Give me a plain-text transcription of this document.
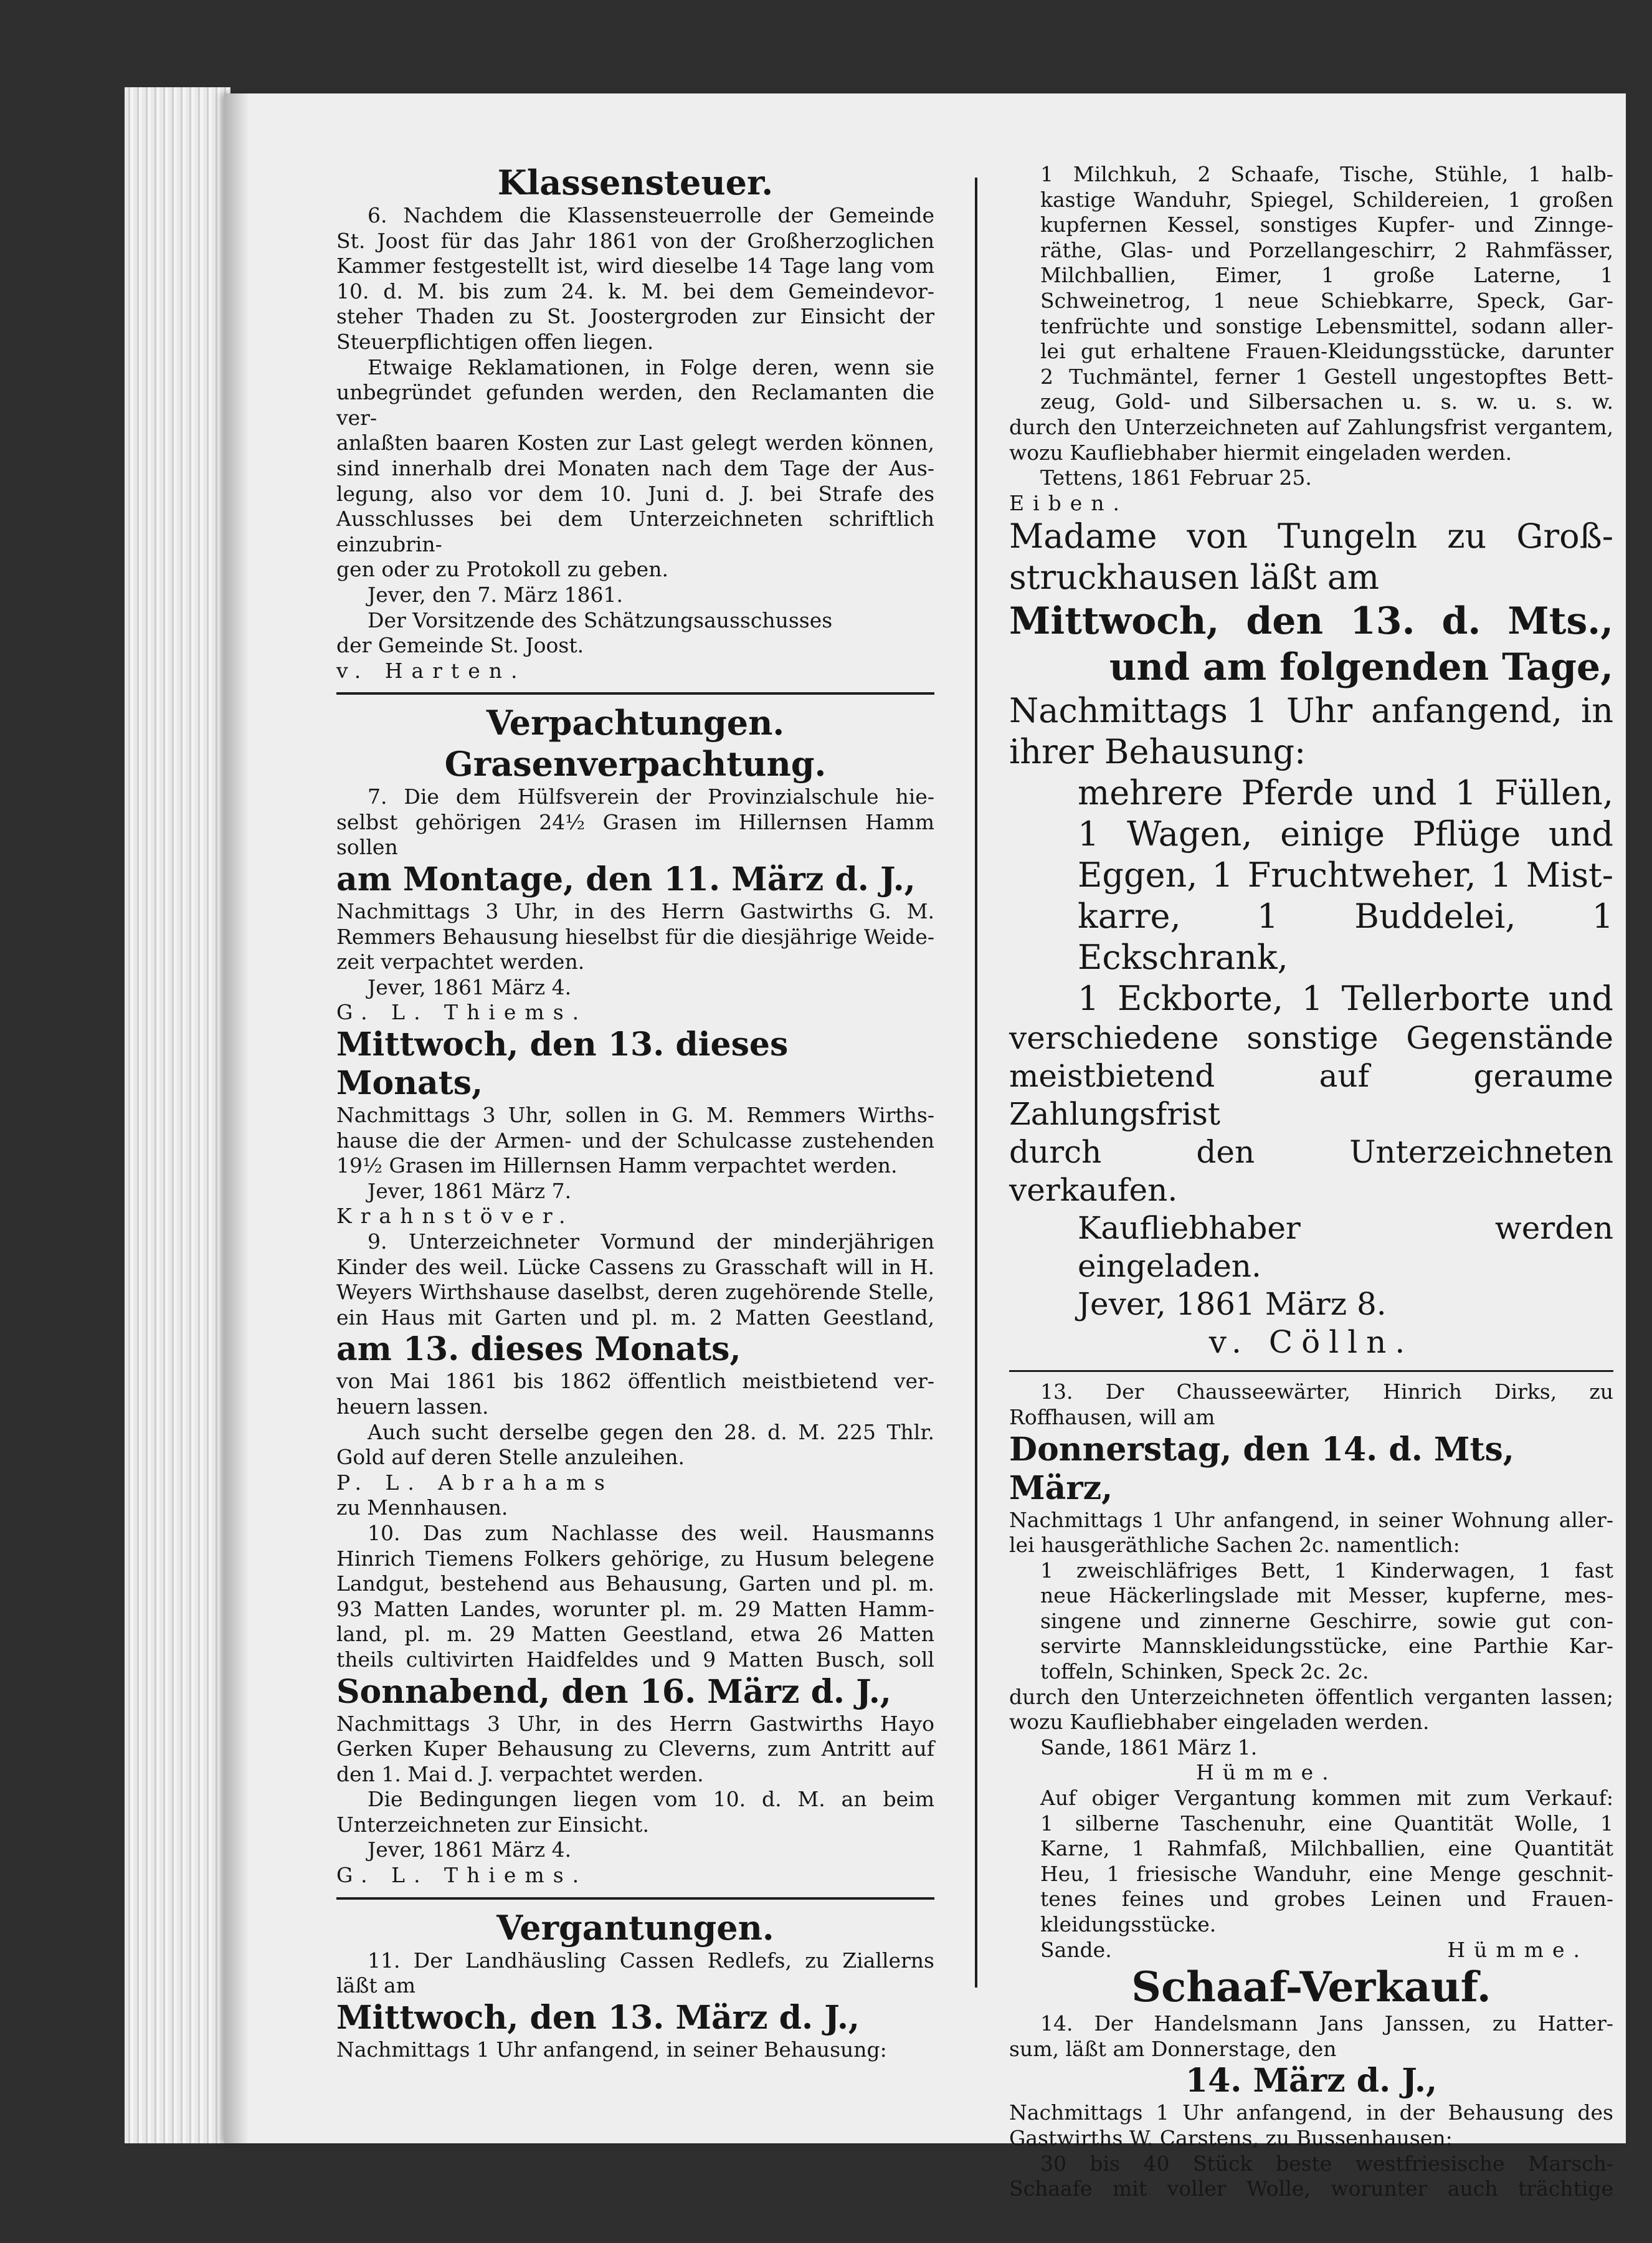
Klassensteuer.

6. Nachdem die Klassensteuerrolle der Gemeinde

St. Joost für das Jahr 1861 von der Großherzoglichen

Kammer festgestellt ist, wird dieselbe 14 Tage lang vom

10. d. M. bis zum 24. k. M. bei dem Gemeindevor-

steher Thaden zu St. Joostergroden zur Einsicht der

Steuerpflichtigen offen liegen.

Etwaige Reklamationen, in Folge deren, wenn sie

unbegründet gefunden werden, den Reclamanten die ver-

anlaßten baaren Kosten zur Last gelegt werden können,

sind innerhalb drei Monaten nach dem Tage der Aus-

legung, also vor dem 10. Juni d. J. bei Strafe des

Ausschlusses bei dem Unterzeichneten schriftlich einzubrin-

gen oder zu Protokoll zu geben.

Jever, den 7. März 1861.

Der Vorsitzende des Schätzungsausschusses

der Gemeinde St. Joost.

v. Harten.

Verpachtungen.
Grasenverpachtung.

7. Die dem Hülfsverein der Provinzialschule hie-

selbst gehörigen 24½ Grasen im Hillernsen Hamm sollen

am Montage, den 11. März d. J.,

Nachmittags 3 Uhr, in des Herrn Gastwirths G. M.

Remmers Behausung hieselbst für die diesjährige Weide-

zeit verpachtet werden.

Jever, 1861 März 4.

G. L. Thiems.

Mittwoch, den 13. dieses Monats,

Nachmittags 3 Uhr, sollen in G. M. Remmers Wirths-

hause die der Armen- und der Schulcasse zustehenden

19½ Grasen im Hillernsen Hamm verpachtet werden.

Jever, 1861 März 7.

Krahnstöver.

9. Unterzeichneter Vormund der minderjährigen

Kinder des weil. Lücke Cassens zu Grasschaft will in H.

Weyers Wirthshause daselbst, deren zugehörende Stelle,

ein Haus mit Garten und pl. m. 2 Matten Geestland,

am 13. dieses Monats,

von Mai 1861 bis 1862 öffentlich meistbietend ver-

heuern lassen.

Auch sucht derselbe gegen den 28. d. M. 225 Thlr.

Gold auf deren Stelle anzuleihen.

P. L. Abrahams

zu Mennhausen.

10. Das zum Nachlasse des weil. Hausmanns

Hinrich Tiemens Folkers gehörige, zu Husum belegene

Landgut, bestehend aus Behausung, Garten und pl. m.

93 Matten Landes, worunter pl. m. 29 Matten Hamm-

land, pl. m. 29 Matten Geestland, etwa 26 Matten

theils cultivirten Haidfeldes und 9 Matten Busch, soll

Sonnabend, den 16. März d. J.,

Nachmittags 3 Uhr, in des Herrn Gastwirths Hayo

Gerken Kuper Behausung zu Cleverns, zum Antritt auf

den 1. Mai d. J. verpachtet werden.

Die Bedingungen liegen vom 10. d. M. an beim

Unterzeichneten zur Einsicht.

Jever, 1861 März 4.

G. L. Thiems.

Vergantungen.

11. Der Landhäusling Cassen Redlefs, zu Ziallerns

läßt am

Mittwoch, den 13. März d. J.,

Nachmittags 1 Uhr anfangend, in seiner Behausung:

1 Milchkuh, 2 Schaafe, Tische, Stühle, 1 halb-

kastige Wanduhr, Spiegel, Schildereien, 1 großen

kupfernen Kessel, sonstiges Kupfer- und Zinnge-

räthe, Glas- und Porzellangeschirr, 2 Rahmfässer,

Milchballien, Eimer, 1 große Laterne, 1

Schweinetrog, 1 neue Schiebkarre, Speck, Gar-

tenfrüchte und sonstige Lebensmittel, sodann aller-

lei gut erhaltene Frauen-Kleidungsstücke, darunter

2 Tuchmäntel, ferner 1 Gestell ungestopftes Bett-

zeug, Gold- und Silbersachen u. s. w. u. s. w.

durch den Unterzeichneten auf Zahlungsfrist vergantem,

wozu Kaufliebhaber hiermit eingeladen werden.

Tettens, 1861 Februar 25.

Eiben.

Madame von Tungeln zu Groß-

struckhausen läßt am

Mittwoch, den 13. d. Mts.,

und am folgenden Tage,

Nachmittags 1 Uhr anfangend, in

ihrer Behausung:

mehrere Pferde und 1 Füllen,

1 Wagen, einige Pflüge und

Eggen, 1 Fruchtweher, 1 Mist-

karre, 1 Buddelei, 1 Eckschrank,

1 Eckborte, 1 Tellerborte und

verschiedene sonstige Gegenstände

meistbietend auf geraume Zahlungsfrist

durch den Unterzeichneten verkaufen.

Kaufliebhaber werden eingeladen.

Jever, 1861 März 8.

v. Cölln.

13. Der Chausseewärter, Hinrich Dirks, zu

Roffhausen, will am

Donnerstag, den 14. d. Mts, März,

Nachmittags 1 Uhr anfangend, in seiner Wohnung aller-

lei hausgeräthliche Sachen 2c. namentlich:

1 zweischläfriges Bett, 1 Kinderwagen, 1 fast

neue Häckerlingslade mit Messer, kupferne, mes-

singene und zinnerne Geschirre, sowie gut con-

servirte Mannskleidungsstücke, eine Parthie Kar-

toffeln, Schinken, Speck 2c. 2c.

durch den Unterzeichneten öffentlich verganten lassen;

wozu Kaufliebhaber eingeladen werden.

Sande, 1861 März 1.

Hümme.

Auf obiger Vergantung kommen mit zum Verkauf:

1 silberne Taschenuhr, eine Quantität Wolle, 1

Karne, 1 Rahmfaß, Milchballien, eine Quantität

Heu, 1 friesische Wanduhr, eine Menge geschnit-

tenes feines und grobes Leinen und Frauen-

kleidungsstücke.

Sande.	Hümme.

Schaaf-Verkauf.

14. Der Handelsmann Jans Janssen, zu Hatter-

sum, läßt am Donnerstage, den

14. März d. J.,

Nachmittags 1 Uhr anfangend, in der Behausung des

Gastwirths W. Carstens, zu Bussenhausen:

30 bis 40 Stück beste westfriesische Marsch-

Schaafe mit voller Wolle, worunter auch trächtige
